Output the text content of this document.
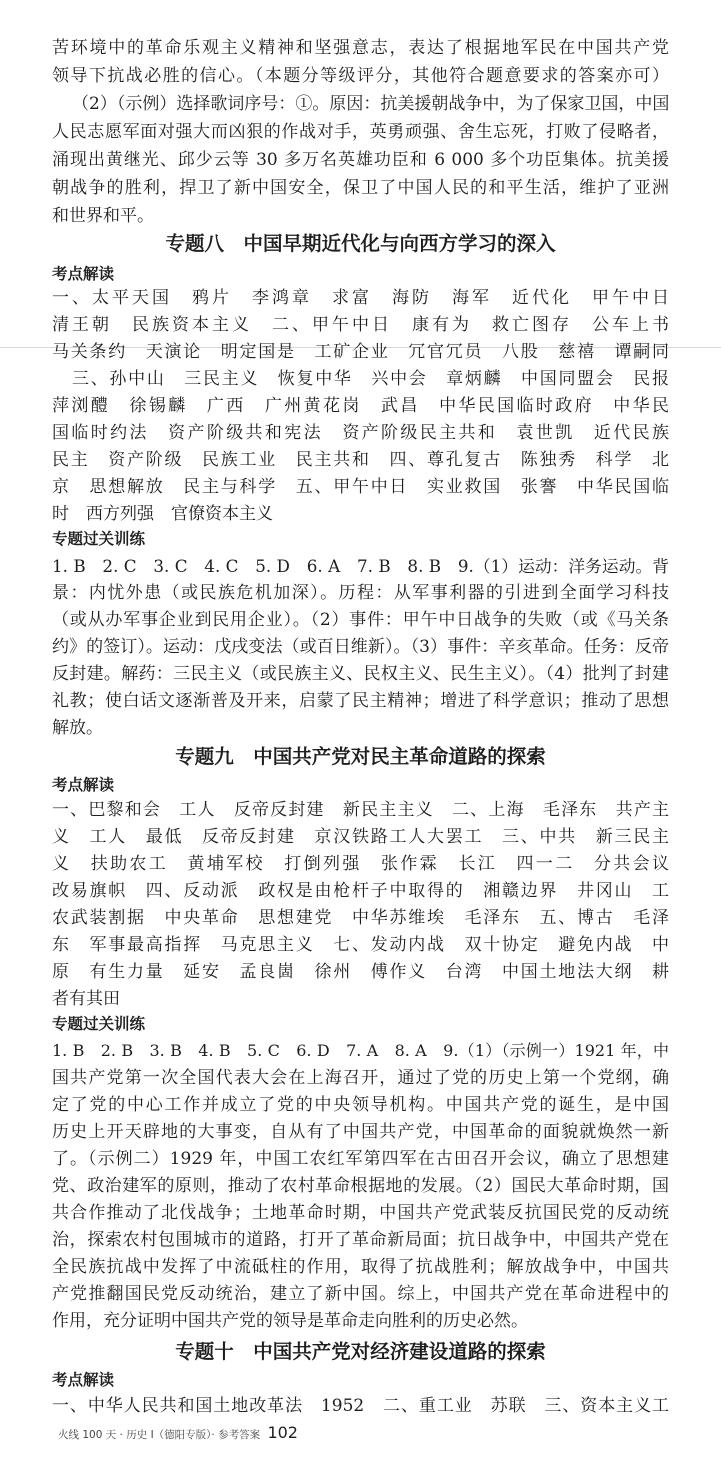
苦环境中的革命乐观主义精神和坚强意志，表达了根据地军民在中国共产党
领导下抗战必胜的信心。（本题分等级评分，其他符合题意要求的答案亦可）
（2）（示例）选择歌词序号：①。原因：抗美援朝战争中，为了保家卫国，中国
人民志愿军面对强大而凶狠的作战对手，英勇顽强、舍生忘死，打败了侵略者，
涌现出黄继光、邱少云等 30 多万名英雄功臣和 6 000 多个功臣集体。抗美援
朝战争的胜利，捍卫了新中国安全，保卫了中国人民的和平生活，维护了亚洲
和世界和平。
专题八　中国早期近代化与向西方学习的深入
考点解读
一、太平天国　鸦片　李鸿章　求富　海防　海军　近代化　甲午中日
清王朝　民族资本主义　二、甲午中日　康有为　救亡图存　公车上书
马关条约　天演论　明定国是　工矿企业　冗官冗员　八股　慈禧　谭嗣同
三、孙中山　三民主义　恢复中华　兴中会　章炳麟　中国同盟会　民报
萍浏醴　徐锡麟　广西　广州黄花岗　武昌　中华民国临时政府　中华民
国临时约法　资产阶级共和宪法　资产阶级民主共和　袁世凯　近代民族
民主　资产阶级　民族工业　民主共和　四、尊孔复古　陈独秀　科学　北
京　思想解放　民主与科学　五、甲午中日　实业救国　张謇　中华民国临
时　西方列强　官僚资本主义
专题过关训练
1. B　2. C　3. C　4. C　5. D　6. A　7. B　8. B　9.（1）运动：洋务运动。背
景：内忧外患（或民族危机加深）。历程：从军事利器的引进到全面学习科技
（或从办军事企业到民用企业）。（2）事件：甲午中日战争的失败（或《马关条
约》的签订）。运动：戊戌变法（或百日维新）。（3）事件：辛亥革命。任务：反帝
反封建。解药：三民主义（或民族主义、民权主义、民生主义）。（4）批判了封建
礼教；使白话文逐渐普及开来，启蒙了民主精神；增进了科学意识；推动了思想
解放。
专题九　中国共产党对民主革命道路的探索
考点解读
一、巴黎和会　工人　反帝反封建　新民主主义　二、上海　毛泽东　共产主
义　工人　最低　反帝反封建　京汉铁路工人大罢工　三、中共　新三民主
义　扶助农工　黄埔军校　打倒列强　张作霖　长江　四一二　分共会议
改易旗帜　四、反动派　政权是由枪杆子中取得的　湘赣边界　井冈山　工
农武装割据　中央革命　思想建党　中华苏维埃　毛泽东　五、博古　毛泽
东　军事最高指挥　马克思主义　七、发动内战　双十协定　避免内战　中
原　有生力量　延安　孟良崮　徐州　傅作义　台湾　中国土地法大纲　耕
者有其田
专题过关训练
1. B　2. B　3. B　4. B　5. C　6. D　7. A　8. A　9.（1）（示例一）1921 年，中
国共产党第一次全国代表大会在上海召开，通过了党的历史上第一个党纲，确
定了党的中心工作并成立了党的中央领导机构。中国共产党的诞生，是中国
历史上开天辟地的大事变，自从有了中国共产党，中国革命的面貌就焕然一新
了。（示例二）1929 年，中国工农红军第四军在古田召开会议，确立了思想建
党、政治建军的原则，推动了农村革命根据地的发展。（2）国民大革命时期，国
共合作推动了北伐战争；土地革命时期，中国共产党武装反抗国民党的反动统
治，探索农村包围城市的道路，打开了革命新局面；抗日战争中，中国共产党在
全民族抗战中发挥了中流砥柱的作用，取得了抗战胜利；解放战争中，中国共
产党推翻国民党反动统治，建立了新中国。综上，中国共产党在革命进程中的
作用，充分证明中国共产党的领导是革命走向胜利的历史必然。
专题十　中国共产党对经济建设道路的探索
考点解读
一、中华人民共和国土地改革法　1952　二、重工业　苏联　三、资本主义工
火线 100 天 · 历史 Ⅰ（德阳专版）· 参考答案 102
